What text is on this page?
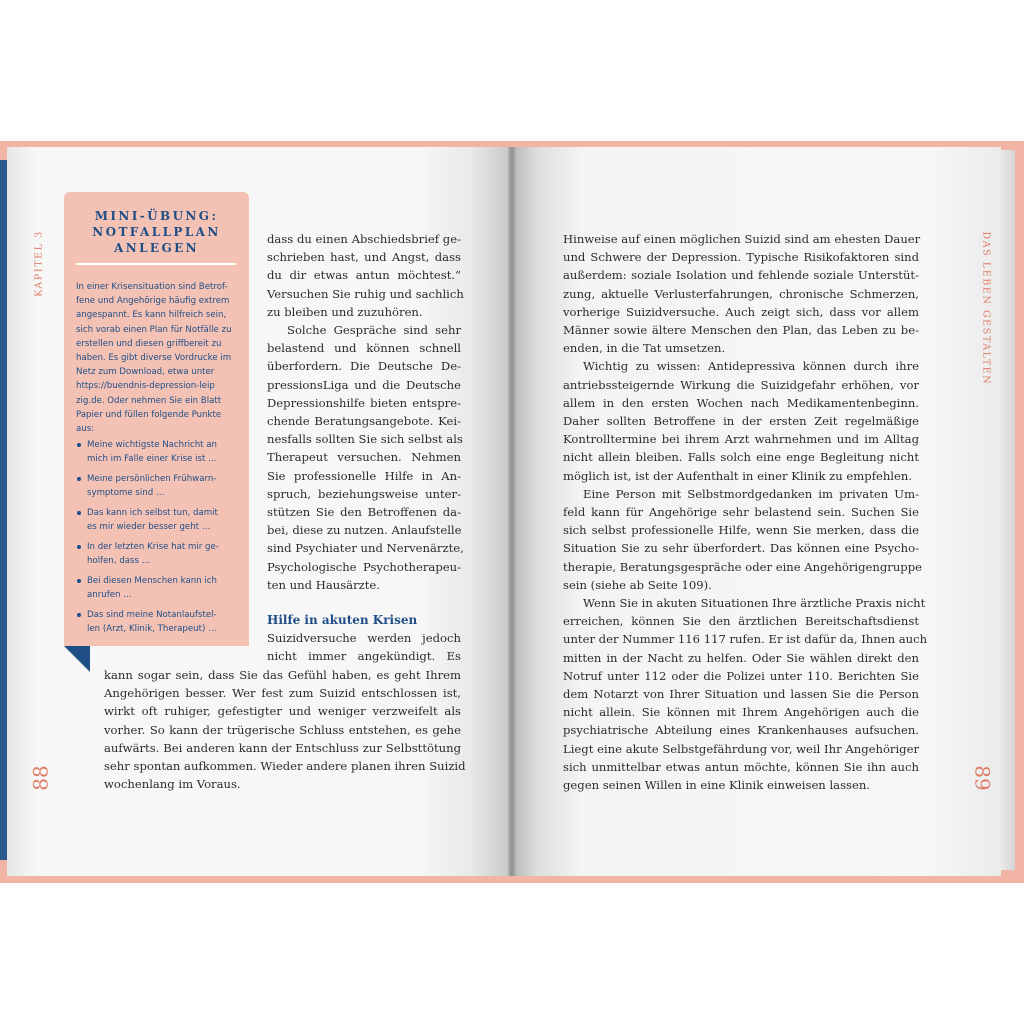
KAPITEL 3	DAS LEBEN GESTALTEN
88	89
MINI-ÜBUNG:
NOTFALLPLAN
ANLEGEN
In einer Krisensituation sind Betrof-
fene und Angehörige häufig extrem
angespannt. Es kann hilfreich sein,
sich vorab einen Plan für Notfälle zu
erstellen und diesen griffbereit zu
haben. Es gibt diverse Vordrucke im
Netz zum Download, etwa unter
https://buendnis-depression-leip
zig.de. Oder nehmen Sie ein Blatt
Papier und füllen folgende Punkte
aus:
Meine wichtigste Nachricht an
mich im Falle einer Krise ist …
Meine persönlichen Frühwarn-
symptome sind …
Das kann ich selbst tun, damit
es mir wieder besser geht …
In der letzten Krise hat mir ge-
holfen, dass …
Bei diesen Menschen kann ich
anrufen …
Das sind meine Notanlaufstel-
len (Arzt, Klinik, Therapeut) …

dass du einen Abschiedsbrief ge-
schrieben hast, und Angst, dass
du dir etwas antun möchtest.“
Versuchen Sie ruhig und sachlich
zu bleiben und zuzuhören.

Solche Gespräche sind sehr
belastend und können schnell
überfordern. Die Deutsche De-
pressionsLiga und die Deutsche
Depressionshilfe bieten entspre-
chende Beratungsangebote. Kei-
nesfalls sollten Sie sich selbst als
Therapeut versuchen. Nehmen
Sie professionelle Hilfe in An-
spruch, beziehungsweise unter-
stützen Sie den Betroffenen da-
bei, diese zu nutzen. Anlaufstelle
sind Psychiater und Nervenärzte,
Psychologische Psychotherapeu-
ten und Hausärzte.

Hilfe in akuten Krisen

Suizidversuche werden jedoch
nicht immer angekündigt. Es

kann sogar sein, dass Sie das Gefühl haben, es geht Ihrem
Angehörigen besser. Wer fest zum Suizid entschlossen ist,
wirkt oft ruhiger, gefestigter und weniger verzweifelt als
vorher. So kann der trügerische Schluss entstehen, es gehe
aufwärts. Bei anderen kann der Entschluss zur Selbsttötung
sehr spontan aufkommen. Wieder andere planen ihren Suizid
wochenlang im Voraus.

Hinweise auf einen möglichen Suizid sind am ehesten Dauer
und Schwere der Depression. Typische Risikofaktoren sind
außerdem: soziale Isolation und fehlende soziale Unterstüt-
zung, aktuelle Verlusterfahrungen, chronische Schmerzen,
vorherige Suizidversuche. Auch zeigt sich, dass vor allem
Männer sowie ältere Menschen den Plan, das Leben zu be-
enden, in die Tat umsetzen.

Wichtig zu wissen: Antidepressiva können durch ihre
antriebssteigernde Wirkung die Suizidgefahr erhöhen, vor
allem in den ersten Wochen nach Medikamentenbeginn.
Daher sollten Betroffene in der ersten Zeit regelmäßige
Kontrolltermine bei ihrem Arzt wahrnehmen und im Alltag
nicht allein bleiben. Falls solch eine enge Begleitung nicht
möglich ist, ist der Aufenthalt in einer Klinik zu empfehlen.

Eine Person mit Selbstmordgedanken im privaten Um-
feld kann für Angehörige sehr belastend sein. Suchen Sie
sich selbst professionelle Hilfe, wenn Sie merken, dass die
Situation Sie zu sehr überfordert. Das können eine Psycho-
therapie, Beratungsgespräche oder eine Angehörigengruppe
sein (siehe ab Seite 109).

Wenn Sie in akuten Situationen Ihre ärztliche Praxis nicht
erreichen, können Sie den ärztlichen Bereitschaftsdienst
unter der Nummer 116 117 rufen. Er ist dafür da, Ihnen auch
mitten in der Nacht zu helfen. Oder Sie wählen direkt den
Notruf unter 112 oder die Polizei unter 110. Berichten Sie
dem Notarzt von Ihrer Situation und lassen Sie die Person
nicht allein. Sie können mit Ihrem Angehörigen auch die
psychiatrische Abteilung eines Krankenhauses aufsuchen.
Liegt eine akute Selbstgefährdung vor, weil Ihr Angehöriger
sich unmittelbar etwas antun möchte, können Sie ihn auch
gegen seinen Willen in eine Klinik einweisen lassen.
